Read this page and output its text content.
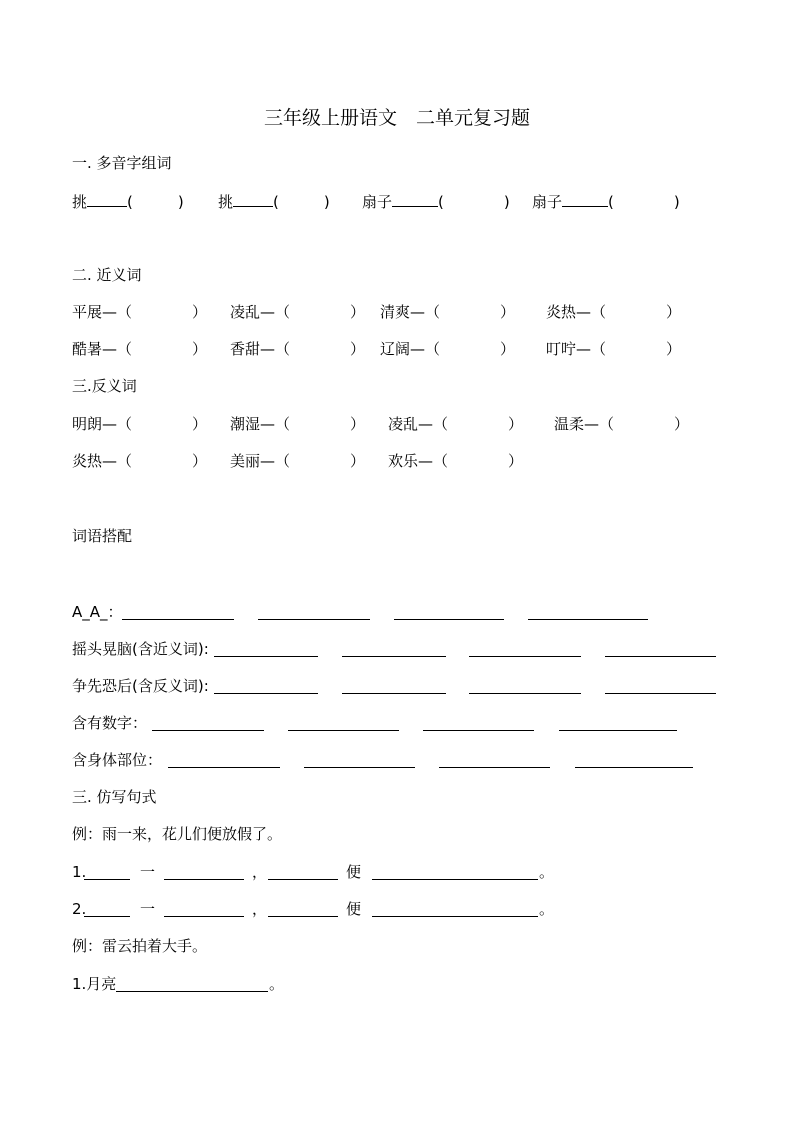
三年级上册语文　二单元复习题
一. 多音字组词
挑	(　　　) 挑	(　　　) 扇子	(　　　　) 扇子	(　　　　)
二. 近义词
平展—（　　　　） 凌乱—（　　　　） 清爽—（　　　　） 炎热—（　　　　）
酷暑—（　　　　） 香甜—（　　　　） 辽阔—（　　　　） 叮咛—（　　　　）
三.反义词
明朗—（　　　　） 潮湿—（　　　　） 凌乱—（　　　　） 温柔—（　　　　）
炎热—（　　　　） 美丽—（　　　　） 欢乐—（　　　　）
词语搭配
A_A_：
摇头晃脑(含近义词):
争先恐后(含反义词):
含有数字：
含身体部位：
三. 仿写句式
例：雨一来，花儿们便放假了。
1.	一	，	便	。
2.	一	，	便	。
例：雷云拍着大手。
1.月亮	。
